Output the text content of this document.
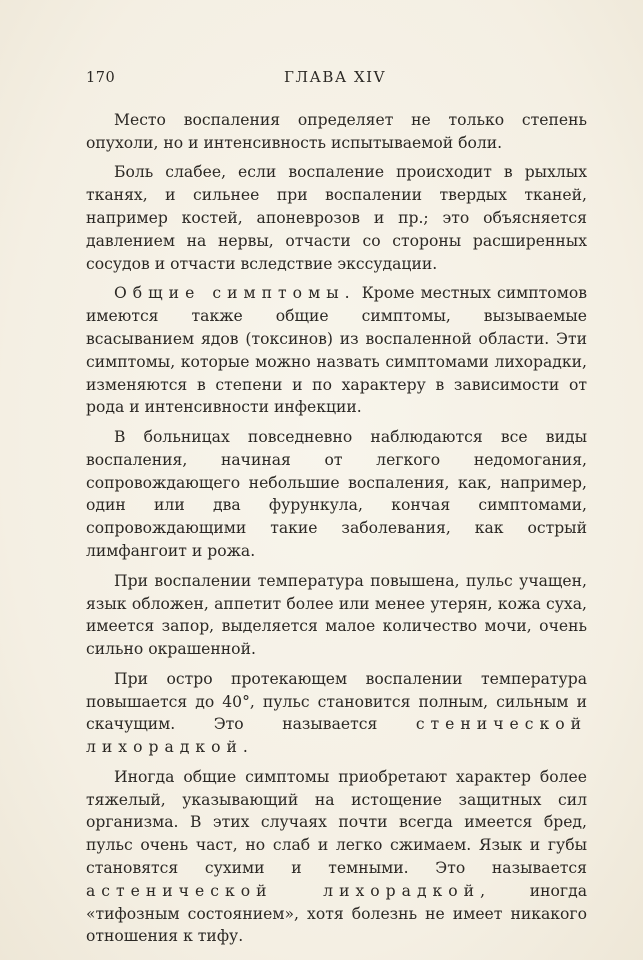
170	ГЛАВА XIV

Место воспаления определяет не только степень опухоли, но и интенсивность испытываемой боли.

Боль слабее, если воспаление происходит в рыхлых тканях, и сильнее при воспалении твердых тканей, например костей, апоневрозов и пр.; это объясняется давлением на нервы, отчасти со стороны расширенных сосудов и отчасти вследствие экссудации.

Общие симптомы. Кроме местных симптомов имеются также общие симптомы, вызываемые всасыванием ядов (токсинов) из воспаленной области. Эти симптомы, которые можно назвать симптомами лихорадки, изменяются в степени и по характеру в зависимости от рода и интенсивности инфекции.

В больницах повседневно наблюдаются все виды воспаления, начиная от легкого недомогания, сопровождающего небольшие воспаления, как, например, один или два фурункула, кончая симптомами, сопровождающими такие заболевания, как острый лимфангоит и рожа.

При воспалении температура повышена, пульс учащен, язык обложен, аппетит более или менее утерян, кожа суха, имеется запор, выделяется малое количество мочи, очень сильно окрашенной.

При остро протекающем воспалении температура повышается до 40°, пульс становится полным, сильным и скачущим. Это называется стенической лихорадкой.

Иногда общие симптомы приобретают характер более тяжелый, указывающий на истощение защитных сил организма. В этих случаях почти всегда имеется бред, пульс очень част, но слаб и легко сжимаем. Язык и губы становятся сухими и темными. Это называется астенической лихорадкой, иногда «тифозным состоянием», хотя болезнь не имеет никакого отношения к тифу.
